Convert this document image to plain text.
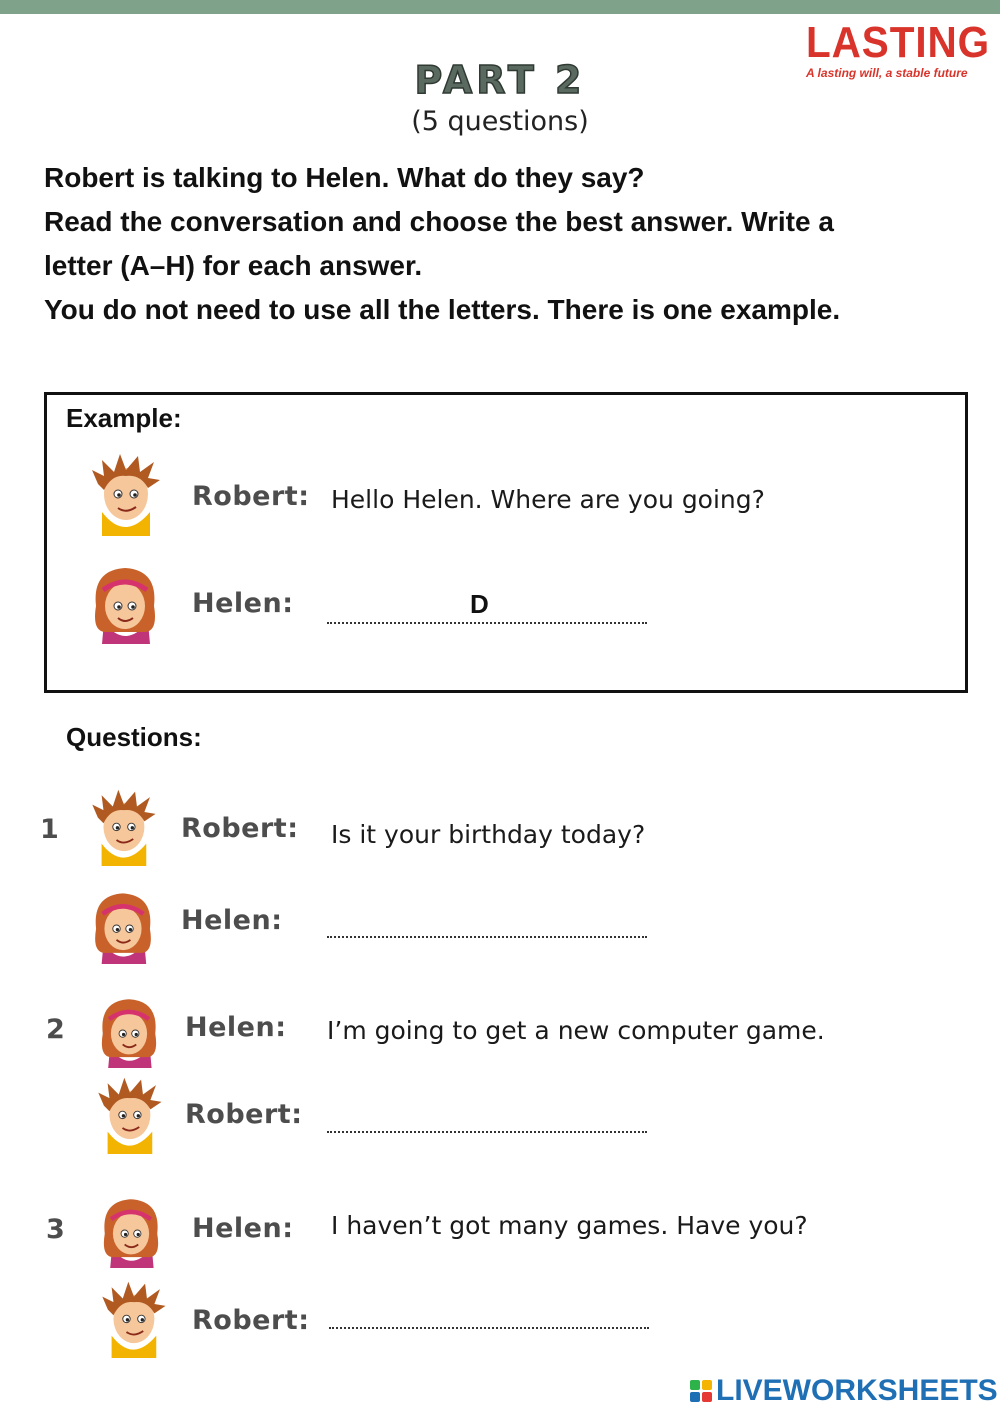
LASTING
A lasting will, a stable future
PART 2
(5 questions)
Robert is talking to Helen. What do they say?
Read the conversation and choose the best answer. Write a
letter (A–H) for each answer.
You do not need to use all the letters. There is one example.
Example:
Robert: Hello Helen. Where are you going?
Helen:	D
Questions:
1	Robert: Is it your birthday today?
Helen:
2	Helen: I’m going to get a new computer game.
Robert:
3	Helen: I haven’t got many games. Have you?
Robert:
LIVEWORKSHEETS
